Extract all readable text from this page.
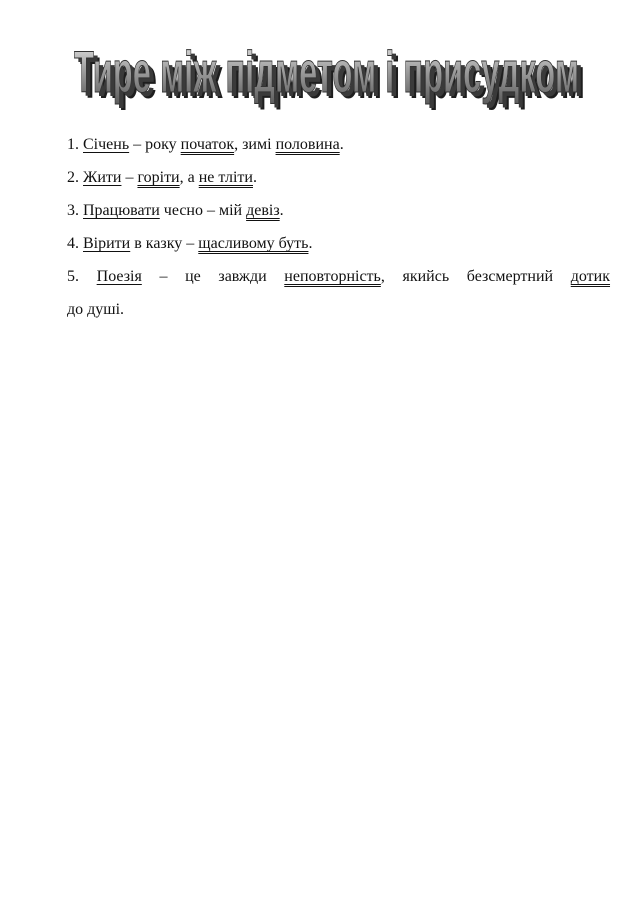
Тире між підметом і присудком
Тире між підметом і присудком
Тире між підметом і присудком
1. Січень – року початок, зимі половина.
2. Жити – горіти, а не тліти.
3. Працювати чесно – мій девіз.
4. Вірити в казку – щасливому буть.
5. Поезія – це завжди неповторність, якийсь безсмертний дотик
до душі.
